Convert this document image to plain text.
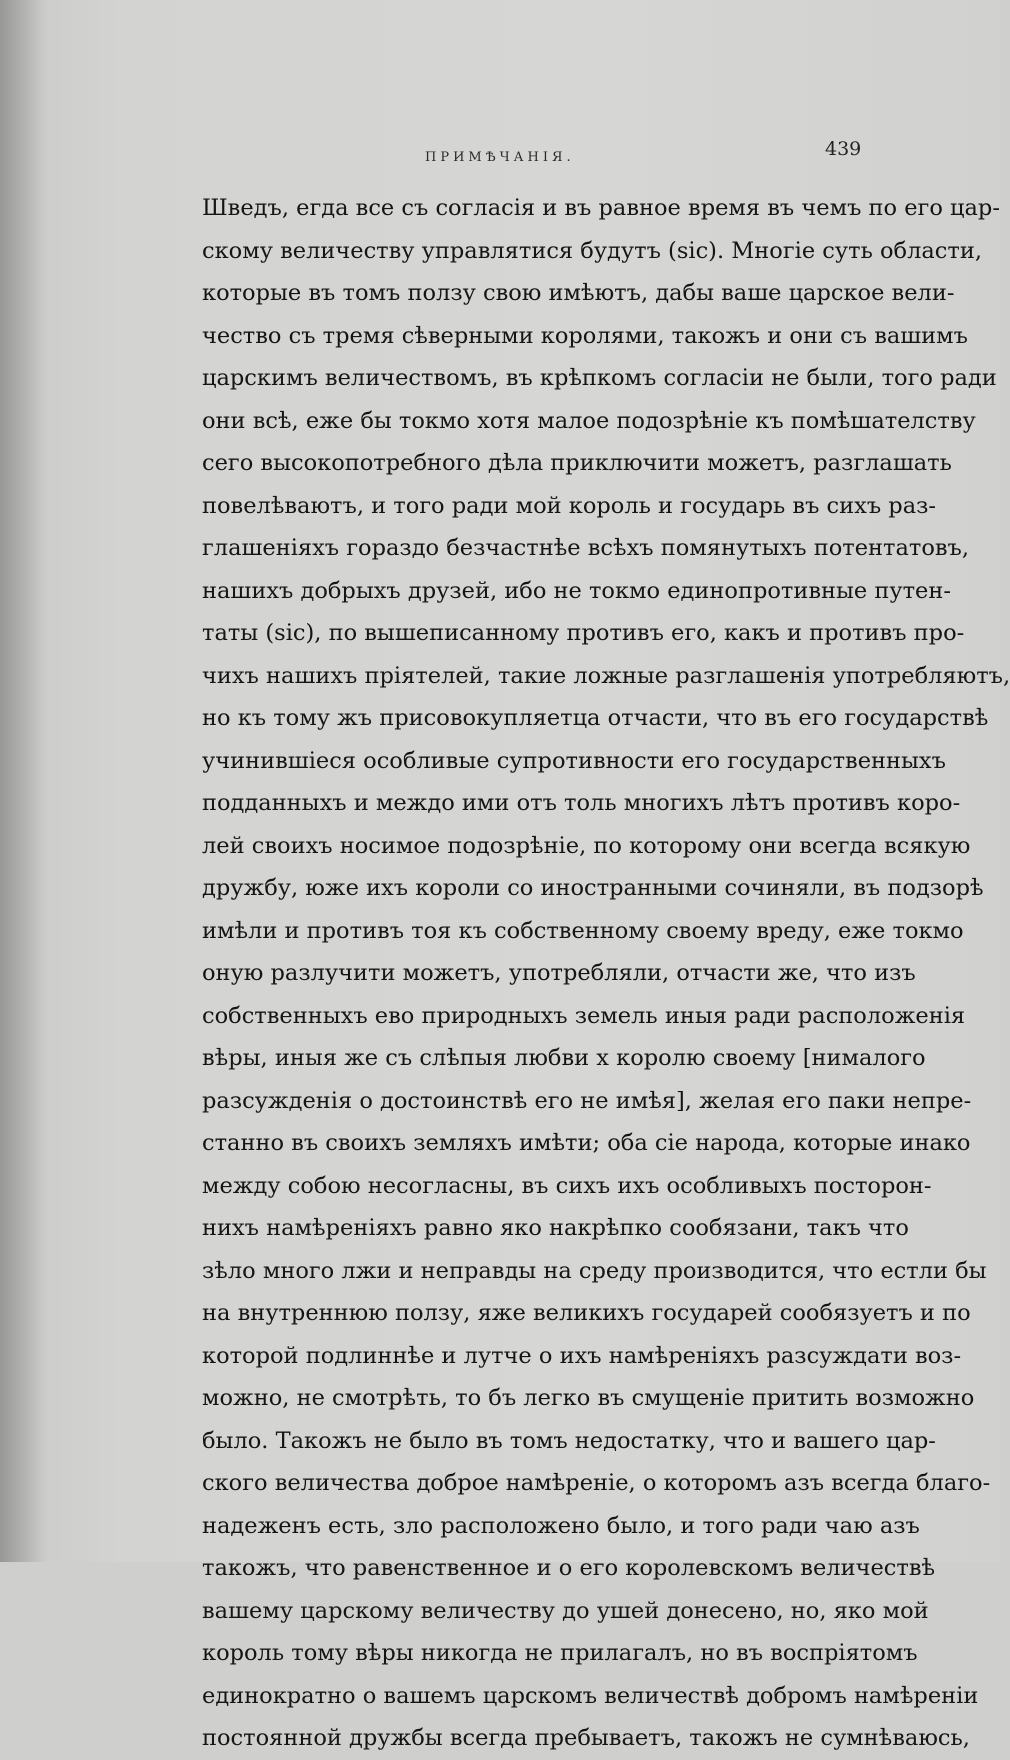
ПРИМѢЧАНІЯ.	439
Шведъ, егда все съ согласія и въ равное время въ чемъ по его цар-
скому величеству управлятися будутъ (sic). Многіе суть области,
которые въ томъ ползу свою имѣютъ, дабы ваше царское вели-
чество съ тремя сѣверными королями, такожъ и они съ вашимъ
царскимъ величествомъ, въ крѣпкомъ согласіи не были, того ради
они всѣ, еже бы токмо хотя малое подозрѣніе къ помѣшателству
сего высокопотребного дѣла приключити можетъ, разглашать
повелѣваютъ, и того ради мой король и государь въ сихъ раз-
глашеніяхъ гораздо безчастнѣе всѣхъ помянутыхъ потентатовъ,
нашихъ добрыхъ друзей, ибо не токмо единопротивные путен-
таты (sic), по вышеписанному противъ его, какъ и противъ про-
чихъ нашихъ пріятелей, такие ложные разглашенія употребляютъ,
но къ тому жъ присовокупляетца отчасти, что въ его государствѣ
учинившіеся особливые супротивности его государственныхъ
подданныхъ и междо ими отъ толь многихъ лѣтъ противъ коро-
лей своихъ носимое подозрѣніе, по которому они всегда всякую
дружбу, юже ихъ короли со иностранными сочиняли, въ подзорѣ
имѣли и противъ тоя къ собственному своему вреду, еже токмо
оную разлучити можетъ, употребляли, отчасти же, что изъ
собственныхъ ево природныхъ земель иныя ради расположенія
вѣры, иныя же съ слѣпыя любви х королю своему [нималого
разсужденія о достоинствѣ его не имѣя], желая его паки непре-
станно въ своихъ земляхъ имѣти; оба сіе народа, которые инако
между собою несогласны, въ сихъ ихъ особливыхъ посторон-
нихъ намѣреніяхъ равно яко накрѣпко сообязани, такъ что
зѣло много лжи и неправды на среду производится, что естли бы
на внутреннюю ползу, яже великихъ государей сообязуетъ и по
которой подлиннѣе и лутче о ихъ намѣреніяхъ разсуждати воз-
можно, не смотрѣть, то бъ легко въ смущеніе притить возможно
было. Такожъ не было въ томъ недостатку, что и вашего цар-
ского величества доброе намѣреніе, о которомъ азъ всегда благо-
надеженъ есть, зло расположено было, и того ради чаю азъ
такожъ, что равенственное и о его королевскомъ величествѣ
вашему царскому величеству до ушей донесено, но, яко мой
король тому вѣры никогда не прилагалъ, но въ воспріятомъ
единократно о вашемъ царскомъ величествѣ добромъ намѣреніи
постоянной дружбы всегда пребываетъ, такожъ не сумнѣваюсь,
